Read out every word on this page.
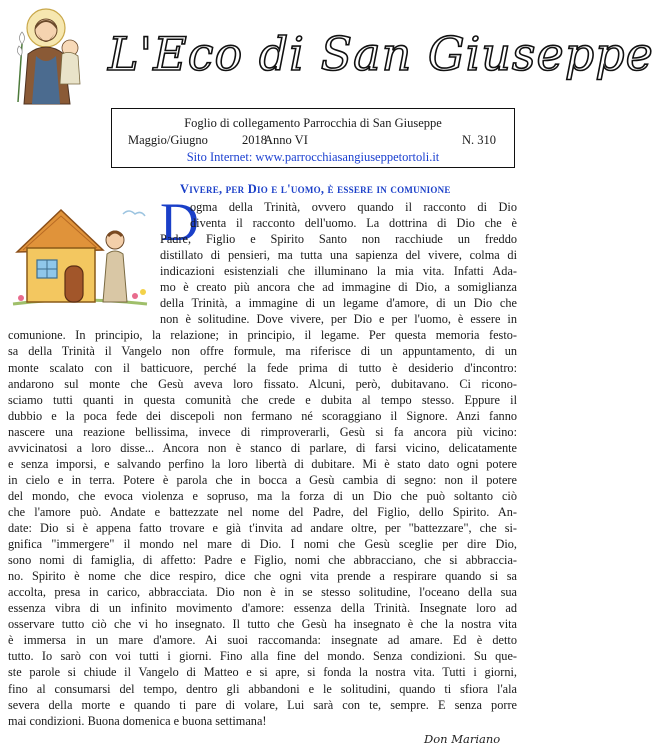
L'Eco di San Giuseppe
Foglio di collegamento Parrocchia di San Giuseppe
Maggio/Giugno	2018
Anno VI	N. 310
Sito Internet: www.parrocchiasangiuseppetortoli.it
Vivere, per Dio e l'uomo, è essere in comunione
D
ogma della Trinità, ovvero quando il racconto di Dio
diventa il racconto dell'uomo. La dottrina di Dio che è
Padre, Figlio e Spirito Santo non racchiude un freddo
distillato di pensieri, ma tutta una sapienza del vivere, colma di
indicazioni esistenziali che illuminano la mia vita. Infatti Ada-
mo è creato più ancora che ad immagine di Dio, a somiglianza
della Trinità, a immagine di un legame d'amore, di un Dio che
non è solitudine. Dove vivere, per Dio e per l'uomo, è essere in
comunione. In principio, la relazione; in principio, il legame. Per questa memoria festo-
sa della Trinità il Vangelo non offre formule, ma riferisce di un appuntamento, di un
monte scalato con il batticuore, perché la fede prima di tutto è desiderio d'incontro:
andarono sul monte che Gesù aveva loro fissato. Alcuni, però, dubitavano. Ci ricono-
sciamo tutti quanti in questa comunità che crede e dubita al tempo stesso. Eppure il
dubbio e la poca fede dei discepoli non fermano né scoraggiano il Signore. Anzi fanno
nascere una reazione bellissima, invece di rimproverarli, Gesù si fa ancora più vicino:
avvicinatosi a loro disse... Ancora non è stanco di parlare, di farsi vicino, delicatamente
e senza imporsi, e salvando perfino la loro libertà di dubitare. Mi è stato dato ogni potere
in cielo e in terra. Potere è parola che in bocca a Gesù cambia di segno: non il potere
del mondo, che evoca violenza e sopruso, ma la forza di un Dio che può soltanto ciò
che l'amore può. Andate e battezzate nel nome del Padre, del Figlio, dello Spirito. An-
date: Dio si è appena fatto trovare e già t'invita ad andare oltre, per "battezzare", che si-
gnifica "immergere" il mondo nel mare di Dio. I nomi che Gesù sceglie per dire Dio,
sono nomi di famiglia, di affetto: Padre e Figlio, nomi che abbracciano, che si abbraccia-
no. Spirito è nome che dice respiro, dice che ogni vita prende a respirare quando si sa
accolta, presa in carico, abbracciata. Dio non è in se stesso solitudine, l'oceano della sua
essenza vibra di un infinito movimento d'amore: essenza della Trinità. Insegnate loro ad
osservare tutto ciò che vi ho insegnato. Il tutto che Gesù ha insegnato è che la nostra vita
è immersa in un mare d'amore. Ai suoi raccomanda: insegnate ad amare. Ed è detto
tutto. Io sarò con voi tutti i giorni. Fino alla fine del mondo. Senza condizioni. Su que-
ste parole si chiude il Vangelo di Matteo e si apre, si fonda la nostra vita. Tutti i giorni,
fino al consumarsi del tempo, dentro gli abbandoni e le solitudini, quando ti sfiora l'ala
severa della morte e quando ti pare di volare, Lui sarà con te, sempre. E senza porre
mai condizioni. Buona domenica e buona settimana!
Don Mariano
